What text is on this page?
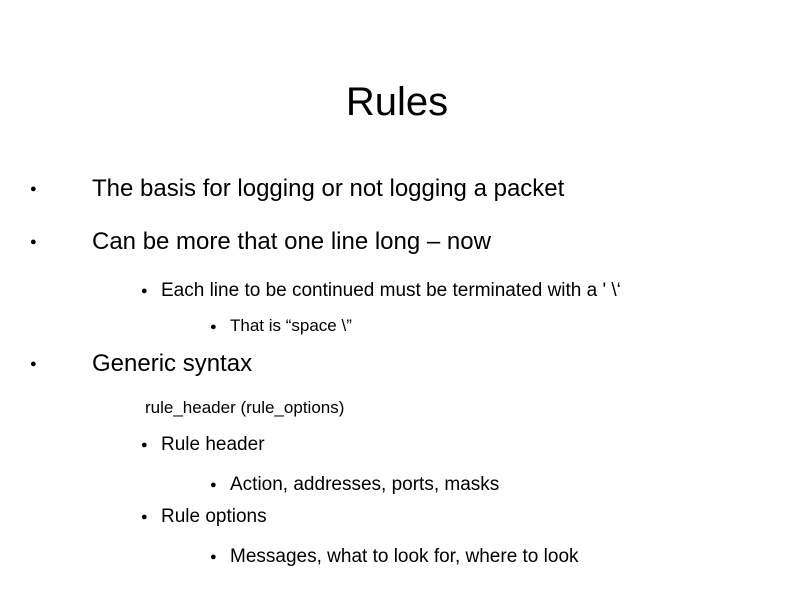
Rules
● The basis for logging or not logging a packet
● Can be more that one line long – now
● Each line to be continued must be terminated with a ' \‘
● That is “space \”
● Generic syntax
rule_header (rule_options)
● Rule header
● Action, addresses, ports, masks
● Rule options
● Messages, what to look for, where to look
